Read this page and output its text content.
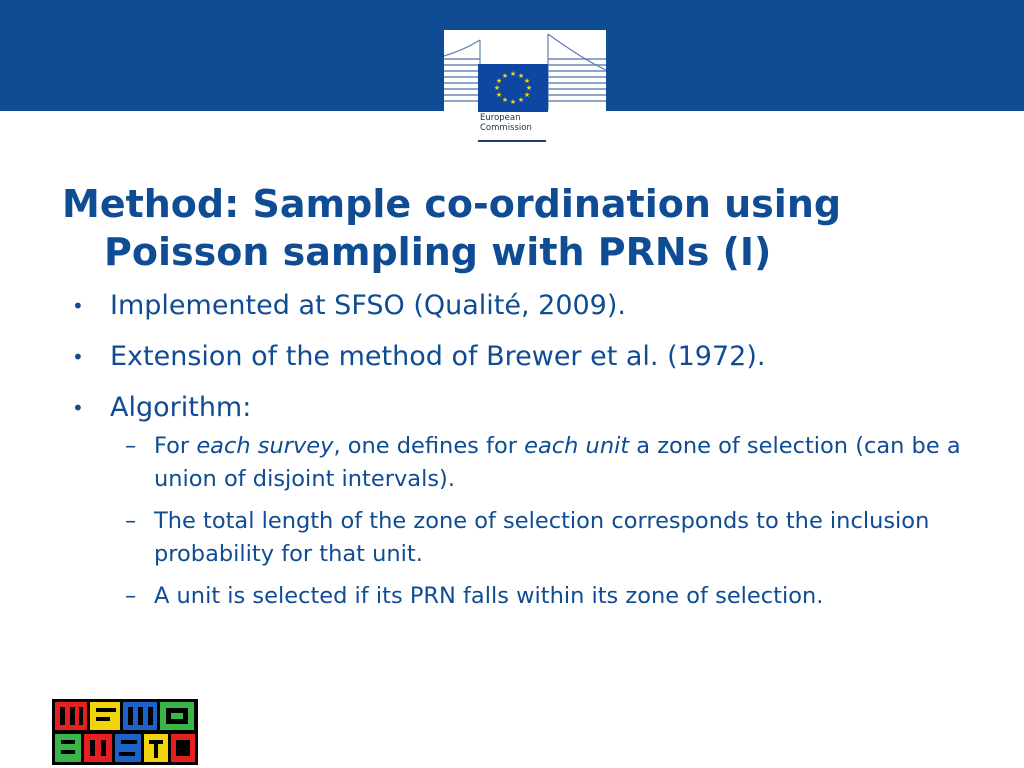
★ ★
★
★
★
★
★
★
★
★
★
★
European
Commission
Method: Sample co-ordination using
Poisson sampling with PRNs (I)
• Implemented at SFSO (Qualité, 2009).
• Extension of the method of Brewer et al. (1972).
• Algorithm:
– For each survey, one defines for each unit a zone of selection (can be a union of disjoint intervals).
– The total length of the zone of selection corresponds to the inclusion probability for that unit.
– A unit is selected if its PRN falls within its zone of selection.
